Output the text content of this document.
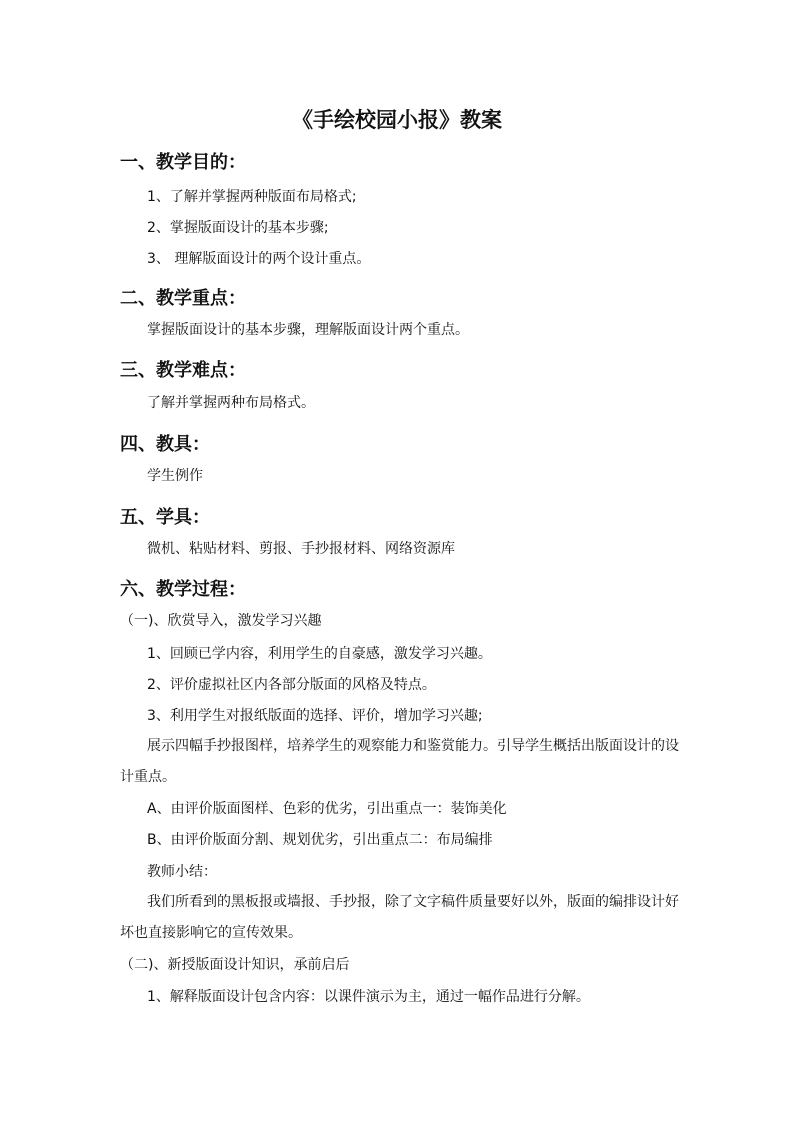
《手绘校园小报》教案
一、教学目的：

1、了解并掌握两种版面布局格式;

2、掌握版面设计的基本步骤;

3、 理解版面设计的两个设计重点。

二、教学重点：

掌握版面设计的基本步骤，理解版面设计两个重点。

三、教学难点：

了解并掌握两种布局格式。

四、教具：

学生例作

五、学具：

微机、粘贴材料、剪报、手抄报材料、网络资源库

六、教学过程：

（一)、欣赏导入，激发学习兴趣

1、回顾已学内容，利用学生的自豪感，激发学习兴趣。

2、评价虚拟社区内各部分版面的风格及特点。

3、利用学生对报纸版面的选择、评价，增加学习兴趣;

展示四幅手抄报图样，培养学生的观察能力和鉴赏能力。引导学生概括出版面设计的设计重点。

A、由评价版面图样、色彩的优劣，引出重点一：装饰美化

B、由评价版面分割、规划优劣，引出重点二：布局编排

教师小结：

我们所看到的黑板报或墙报、手抄报，除了文字稿件质量要好以外，版面的编排设计好坏也直接影响它的宣传效果。

（二)、新授版面设计知识，承前启后

1、解释版面设计包含内容：以课件演示为主，通过一幅作品进行分解。
